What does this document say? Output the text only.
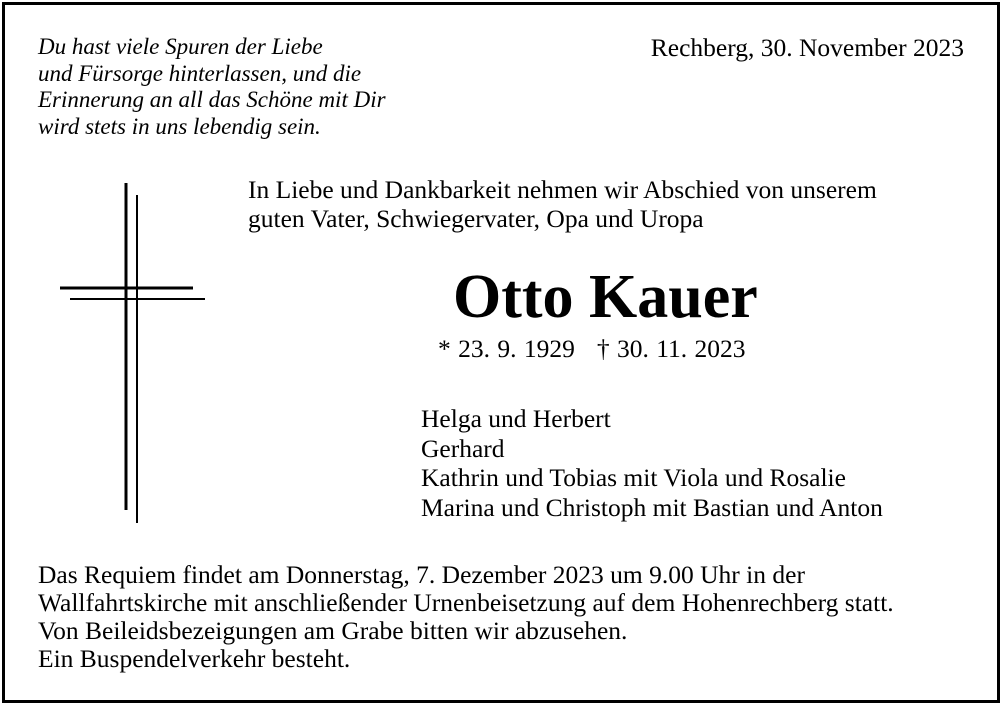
Du hast viele Spuren der Liebe
und Fürsorge hinterlassen, und die
Erinnerung an all das Schöne mit Dir
wird stets in uns lebendig sein.
Rechberg, 30. November 2023
In Liebe und Dankbarkeit nehmen wir Abschied von unserem
guten Vater, Schwiegervater, Opa und Uropa
Otto Kauer
* 23. 9. 1929 † 30. 11. 2023
Helga und Herbert
Gerhard
Kathrin und Tobias mit Viola und Rosalie
Marina und Christoph mit Bastian und Anton
Das Requiem findet am Donnerstag, 7. Dezember 2023 um 9.00 Uhr in der
Wallfahrtskirche mit anschließender Urnenbeisetzung auf dem Hohenrechberg statt.
Von Beileidsbezeigungen am Grabe bitten wir abzusehen.
Ein Buspendelverkehr besteht.
